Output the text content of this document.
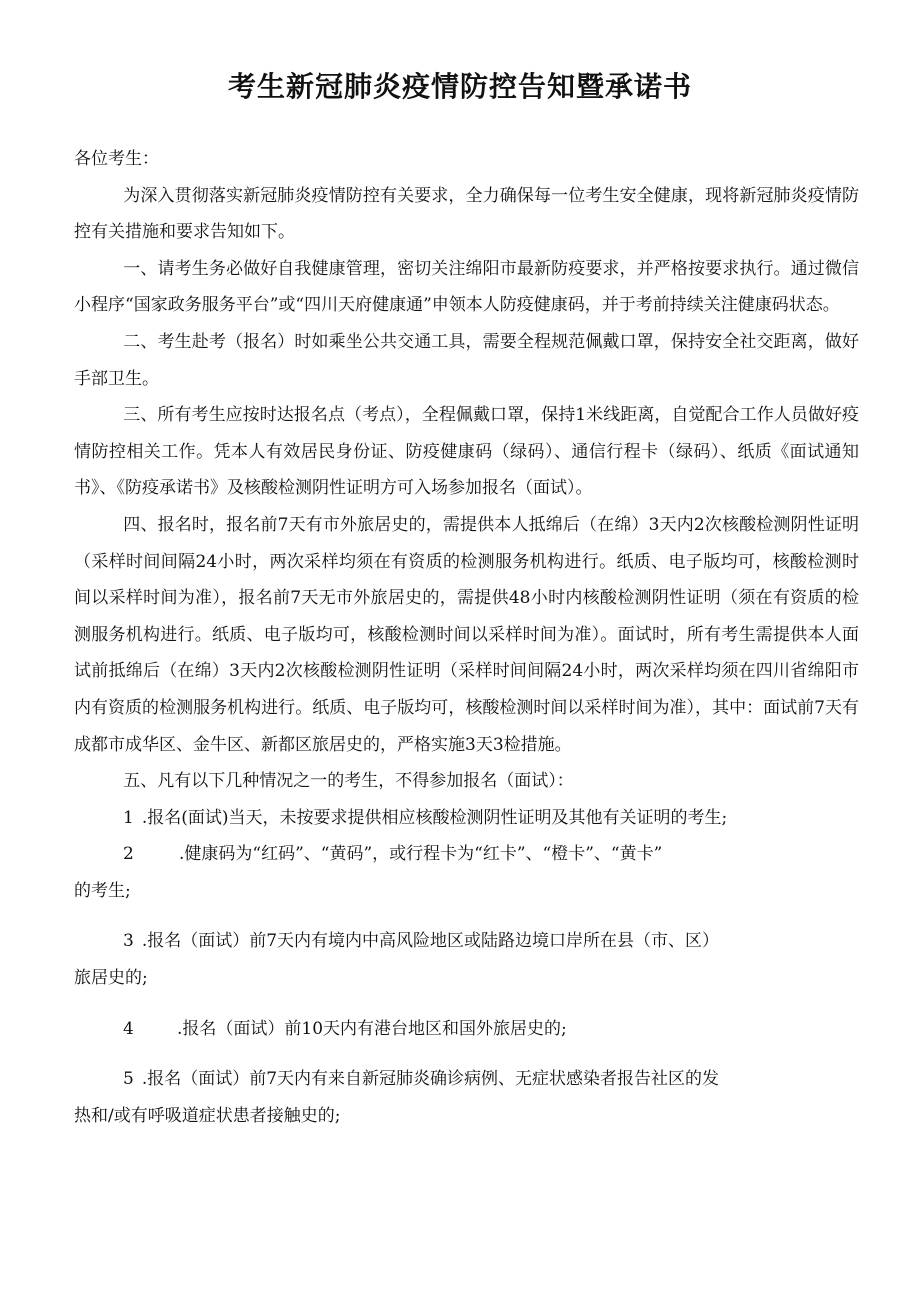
考生新冠肺炎疫情防控告知暨承诺书

各位考生：

为深入贯彻落实新冠肺炎疫情防控有关要求，全力确保每一位考生安全健康，现将新冠肺炎疫情防控有关措施和要求告知如下。

一、请考生务必做好自我健康管理，密切关注绵阳市最新防疫要求，并严格按要求执行。通过微信小程序“国家政务服务平台”或“四川天府健康通”申领本人防疫健康码，并于考前持续关注健康码状态。

二、考生赴考（报名）时如乘坐公共交通工具，需要全程规范佩戴口罩，保持安全社交距离，做好手部卫生。

三、所有考生应按时达报名点（考点），全程佩戴口罩，保持1米线距离，自觉配合工作人员做好疫情防控相关工作。凭本人有效居民身份证、防疫健康码（绿码）、通信行程卡（绿码）、纸质《面试通知书》、《防疫承诺书》及核酸检测阴性证明方可入场参加报名（面试）。

四、报名时，报名前7天有市外旅居史的，需提供本人抵绵后（在绵）3天内2次核酸检测阴性证明（采样时间间隔24小时，两次采样均须在有资质的检测服务机构进行。纸质、电子版均可，核酸检测时间以采样时间为准），报名前7天无市外旅居史的，需提供48小时内核酸检测阴性证明（须在有资质的检测服务机构进行。纸质、电子版均可，核酸检测时间以采样时间为准）。面试时，所有考生需提供本人面试前抵绵后（在绵）3天内2次核酸检测阴性证明（采样时间间隔24小时，两次采样均须在四川省绵阳市内有资质的检测服务机构进行。纸质、电子版均可，核酸检测时间以采样时间为准），其中：面试前7天有成都市成华区、金牛区、新都区旅居史的，严格实施3天3检措施。

五、凡有以下几种情况之一的考生，不得参加报名（面试）：

1 .报名(面试)当天，未按要求提供相应核酸检测阴性证明及其他有关证明的考生;

2	.健康码为“红码”、“黄码”，或行程卡为“红卡”、“橙卡”、“黄卡”

的考生;

3 .报名（面试）前7天内有境内中高风险地区或陆路边境口岸所在县（市、区）

旅居史的;

4	.报名（面试）前10天内有港台地区和国外旅居史的;

5 .报名（面试）前7天内有来自新冠肺炎确诊病例、无症状感染者报告社区的发

热和/或有呼吸道症状患者接触史的;
